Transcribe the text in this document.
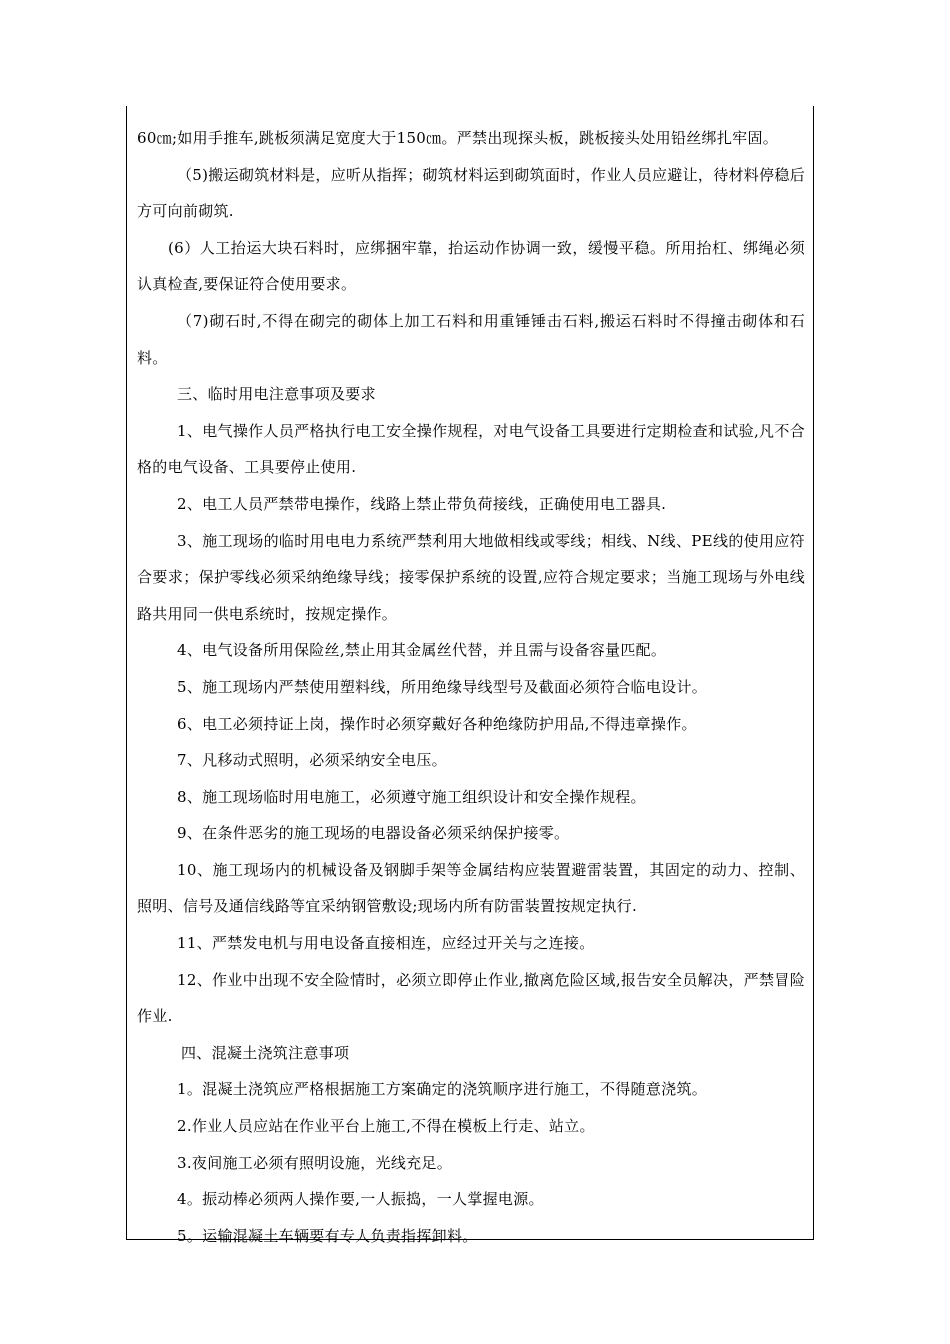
60㎝;如用手推车,跳板须满足宽度大于150㎝。严禁出现探头板，跳板接头处用铅丝绑扎牢固。

（5)搬运砌筑材料是，应听从指挥；砌筑材料运到砌筑面时，作业人员应避让，待材料停稳后方可向前砌筑.

(6）人工抬运大块石料时，应绑捆牢靠，抬运动作协调一致，缓慢平稳。所用抬杠、绑绳必须认真检查,要保证符合使用要求。

（7)砌石时,不得在砌完的砌体上加工石料和用重锤锤击石料,搬运石料时不得撞击砌体和石料。

三、临时用电注意事项及要求

1、电气操作人员严格执行电工安全操作规程，对电气设备工具要进行定期检查和试验,凡不合格的电气设备、工具要停止使用.

2、电工人员严禁带电操作，线路上禁止带负荷接线，正确使用电工器具.

3、施工现场的临时用电电力系统严禁利用大地做相线或零线；相线、N线、PE线的使用应符合要求；保护零线必须采纳绝缘导线；接零保护系统的设置,应符合规定要求；当施工现场与外电线路共用同一供电系统时，按规定操作。

4、电气设备所用保险丝,禁止用其金属丝代替，并且需与设备容量匹配。

5、施工现场内严禁使用塑料线，所用绝缘导线型号及截面必须符合临电设计。

6、电工必须持证上岗，操作时必须穿戴好各种绝缘防护用品,不得违章操作。

7、凡移动式照明，必须采纳安全电压。

8、施工现场临时用电施工，必须遵守施工组织设计和安全操作规程。

9、在条件恶劣的施工现场的电器设备必须采纳保护接零。

10、施工现场内的机械设备及钢脚手架等金属结构应装置避雷装置，其固定的动力、控制、照明、信号及通信线路等宜采纳钢管敷设;现场内所有防雷装置按规定执行.

11、严禁发电机与用电设备直接相连，应经过开关与之连接。

12、作业中出现不安全险情时，必须立即停止作业,撤离危险区域,报告安全员解决，严禁冒险作业.

四、混凝土浇筑注意事项

1。混凝土浇筑应严格根据施工方案确定的浇筑顺序进行施工，不得随意浇筑。

2.作业人员应站在作业平台上施工,不得在模板上行走、站立。

3.夜间施工必须有照明设施，光线充足。

4。振动棒必须两人操作要,一人振捣，一人掌握电源。

5。运输混凝土车辆要有专人负责指挥卸料。
